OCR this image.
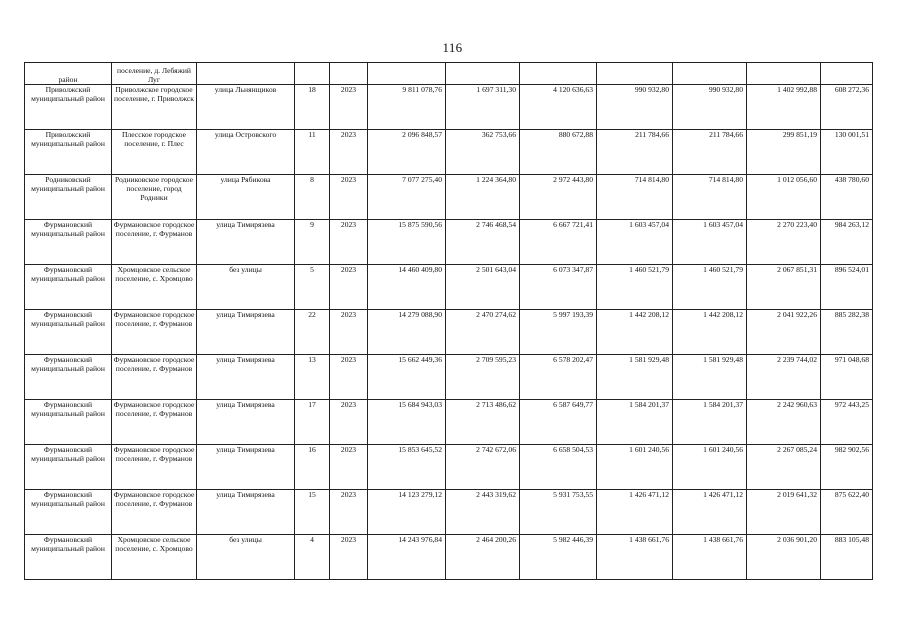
116
район	поселение, д. Лебяжий Луг										
Приволжский муниципальный район	Приволжское городское поселение, г. Приволжск	улица Льнянщиков	18	2023	9 811 078,76	1 697 311,30	4 120 636,63	990 932,80	990 932,80	1 402 992,88	608 272,36
Приволжский муниципальный район	Плесское городское поселение, г. Плес	улица Островского	11	2023	2 096 848,57	362 753,66	880 672,88	211 784,66	211 784,66	299 851,19	130 001,51
Родниковский муниципальный район	Родниковское городское поселение, город Родники	улица Рябикова	8	2023	7 077 275,40	1 224 364,80	2 972 443,80	714 814,80	714 814,80	1 012 056,60	438 780,60
Фурмановский муниципальный район	Фурмановское городское поселение, г. Фурманов	улица Тимирязева	9	2023	15 875 590,56	2 746 468,54	6 667 721,41	1 603 457,04	1 603 457,04	2 270 223,40	984 263,12
Фурмановский муниципальный район	Хромцовское сельское поселение, с. Хромцово	без улицы	5	2023	14 460 409,80	2 501 643,04	6 073 347,87	1 460 521,79	1 460 521,79	2 067 851,31	896 524,01
Фурмановский муниципальный район	Фурмановское городское поселение, г. Фурманов	улица Тимирязева	22	2023	14 279 088,90	2 470 274,62	5 997 193,39	1 442 208,12	1 442 208,12	2 041 922,26	885 282,38
Фурмановский муниципальный район	Фурмановское городское поселение, г. Фурманов	улица Тимирязева	13	2023	15 662 449,36	2 709 595,23	6 578 202,47	1 581 929,48	1 581 929,48	2 239 744,02	971 048,68
Фурмановский муниципальный район	Фурмановское городское поселение, г. Фурманов	улица Тимирязева	17	2023	15 684 943,03	2 713 486,62	6 587 649,77	1 584 201,37	1 584 201,37	2 242 960,63	972 443,25
Фурмановский муниципальный район	Фурмановское городское поселение, г. Фурманов	улица Тимирязева	16	2023	15 853 645,52	2 742 672,06	6 658 504,53	1 601 240,56	1 601 240,56	2 267 085,24	982 902,56
Фурмановский муниципальный район	Фурмановское городское поселение, г. Фурманов	улица Тимирязева	15	2023	14 123 279,12	2 443 319,62	5 931 753,55	1 426 471,12	1 426 471,12	2 019 641,32	875 622,40
Фурмановский муниципальный район	Хромцовское сельское поселение, с. Хромцово	без улицы	4	2023	14 243 976,84	2 464 200,26	5 982 446,39	1 438 661,76	1 438 661,76	2 036 901,20	883 105,48
